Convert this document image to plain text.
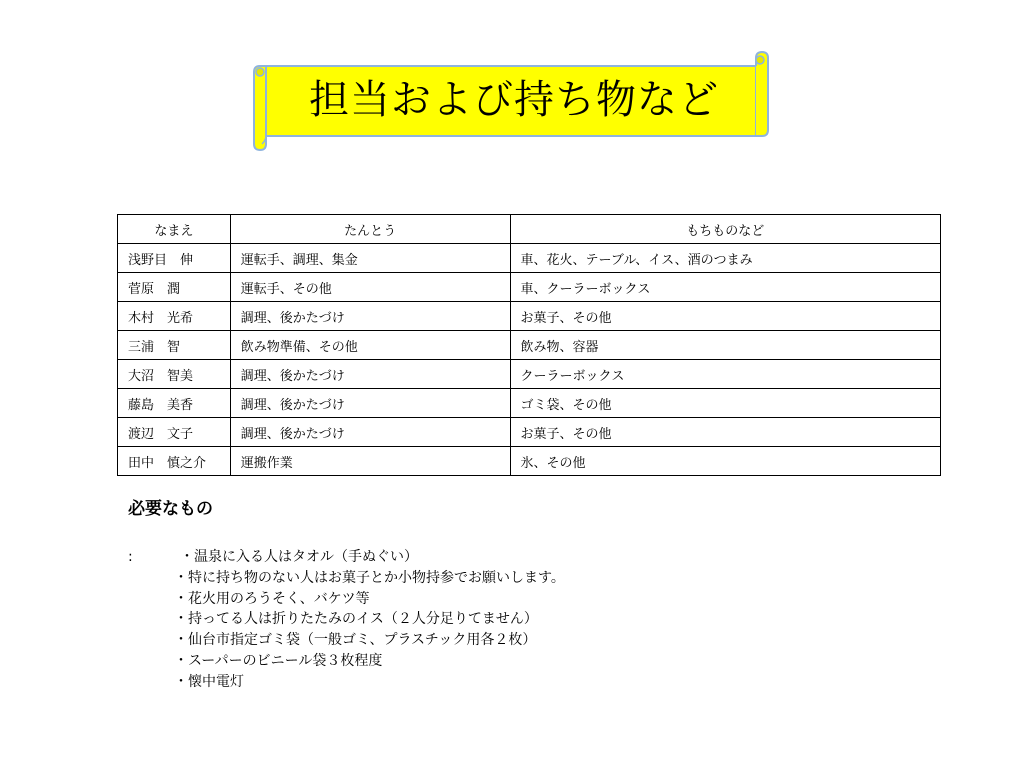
担当および持ち物など
なまえ	たんとう	もちものなど
浅野目　伸	運転手、調理、集金	車、花火、テーブル、イス、酒のつまみ
菅原　潤	運転手、その他	車、クーラーボックス
木村　光希	調理、後かたづけ	お菓子、その他
三浦　智	飲み物準備、その他	飲み物、容器
大沼　智美	調理、後かたづけ	クーラーボックス
藤島　美香	調理、後かたづけ	ゴミ袋、その他
渡辺　文子	調理、後かたづけ	お菓子、その他
田中　慎之介	運搬作業	氷、その他
必要なもの
:	・温泉に入る人はタオル（手ぬぐい）
・特に持ち物のない人はお菓子とか小物持参でお願いします。
・花火用のろうそく、バケツ等
・持ってる人は折りたたみのイス（２人分足りてません）
・仙台市指定ゴミ袋（一般ゴミ、プラスチック用各２枚）
・スーパーのビニール袋３枚程度
・懐中電灯
